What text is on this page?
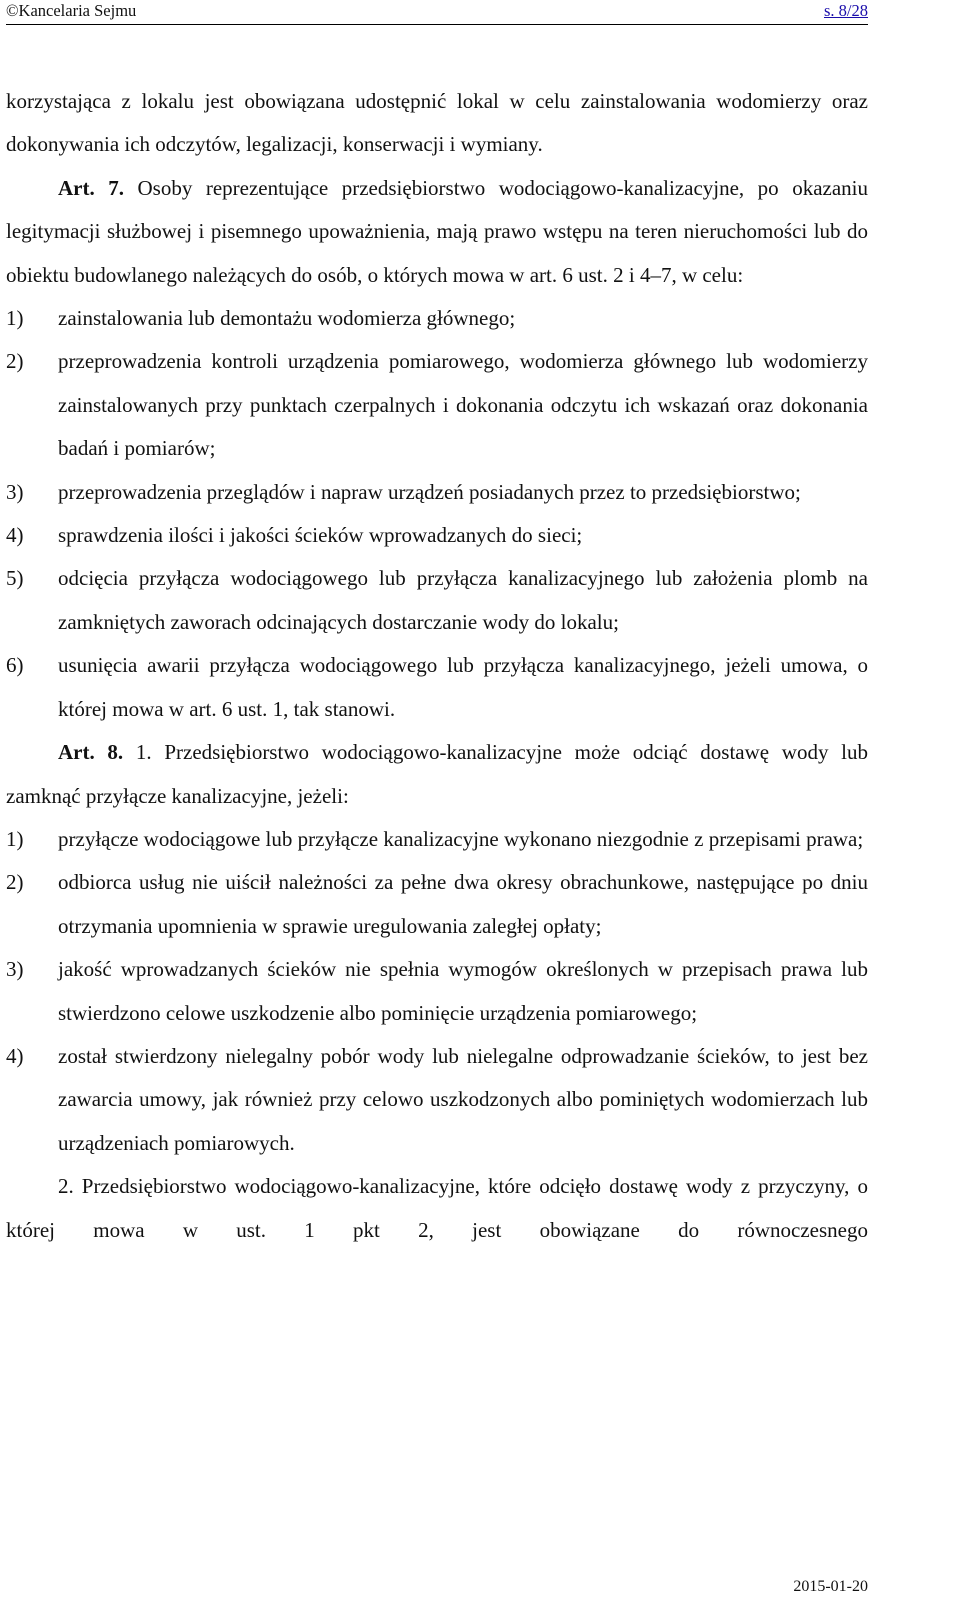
©Kancelaria Sejmu	s. 8/28

korzystająca z lokalu jest obowiązana udostępnić lokal w celu zainstalowania wodomierzy oraz dokonywania ich odczytów, legalizacji, konserwacji i wymiany.

Art. 7. Osoby reprezentujące przedsiębiorstwo wodociągowo-kanalizacyjne, po okazaniu legitymacji służbowej i pisemnego upoważnienia, mają prawo wstępu na teren nieruchomości lub do obiektu budowlanego należących do osób, o których mowa w art. 6 ust. 2 i 4–7, w celu:

1)	zainstalowania lub demontażu wodomierza głównego;
2)	przeprowadzenia kontroli urządzenia pomiarowego, wodomierza głównego lub wodomierzy zainstalowanych przy punktach czerpalnych i dokonania odczytu ich wskazań oraz dokonania badań i pomiarów;
3)	przeprowadzenia przeglądów i napraw urządzeń posiadanych przez to przedsiębiorstwo;
4)	sprawdzenia ilości i jakości ścieków wprowadzanych do sieci;
5)	odcięcia przyłącza wodociągowego lub przyłącza kanalizacyjnego lub założenia plomb na zamkniętych zaworach odcinających dostarczanie wody do lokalu;
6)	usunięcia awarii przyłącza wodociągowego lub przyłącza kanalizacyjnego, jeżeli umowa, o której mowa w art. 6 ust. 1, tak stanowi.

Art. 8. 1. Przedsiębiorstwo wodociągowo-kanalizacyjne może odciąć dostawę wody lub zamknąć przyłącze kanalizacyjne, jeżeli:

1)	przyłącze wodociągowe lub przyłącze kanalizacyjne wykonano niezgodnie z przepisami prawa;
2)	odbiorca usług nie uiścił należności za pełne dwa okresy obrachunkowe, następujące po dniu otrzymania upomnienia w sprawie uregulowania zaległej opłaty;
3)	jakość wprowadzanych ścieków nie spełnia wymogów określonych w przepisach prawa lub stwierdzono celowe uszkodzenie albo pominięcie urządzenia pomiarowego;
4)	został stwierdzony nielegalny pobór wody lub nielegalne odprowadzanie ścieków, to jest bez zawarcia umowy, jak również przy celowo uszkodzonych albo pominiętych wodomierzach lub urządzeniach pomiarowych.

2. Przedsiębiorstwo wodociągowo-kanalizacyjne, które odcięło dostawę wody z przyczyny, o której mowa w ust. 1 pkt 2, jest obowiązane do równoczesnego

2015-01-20
